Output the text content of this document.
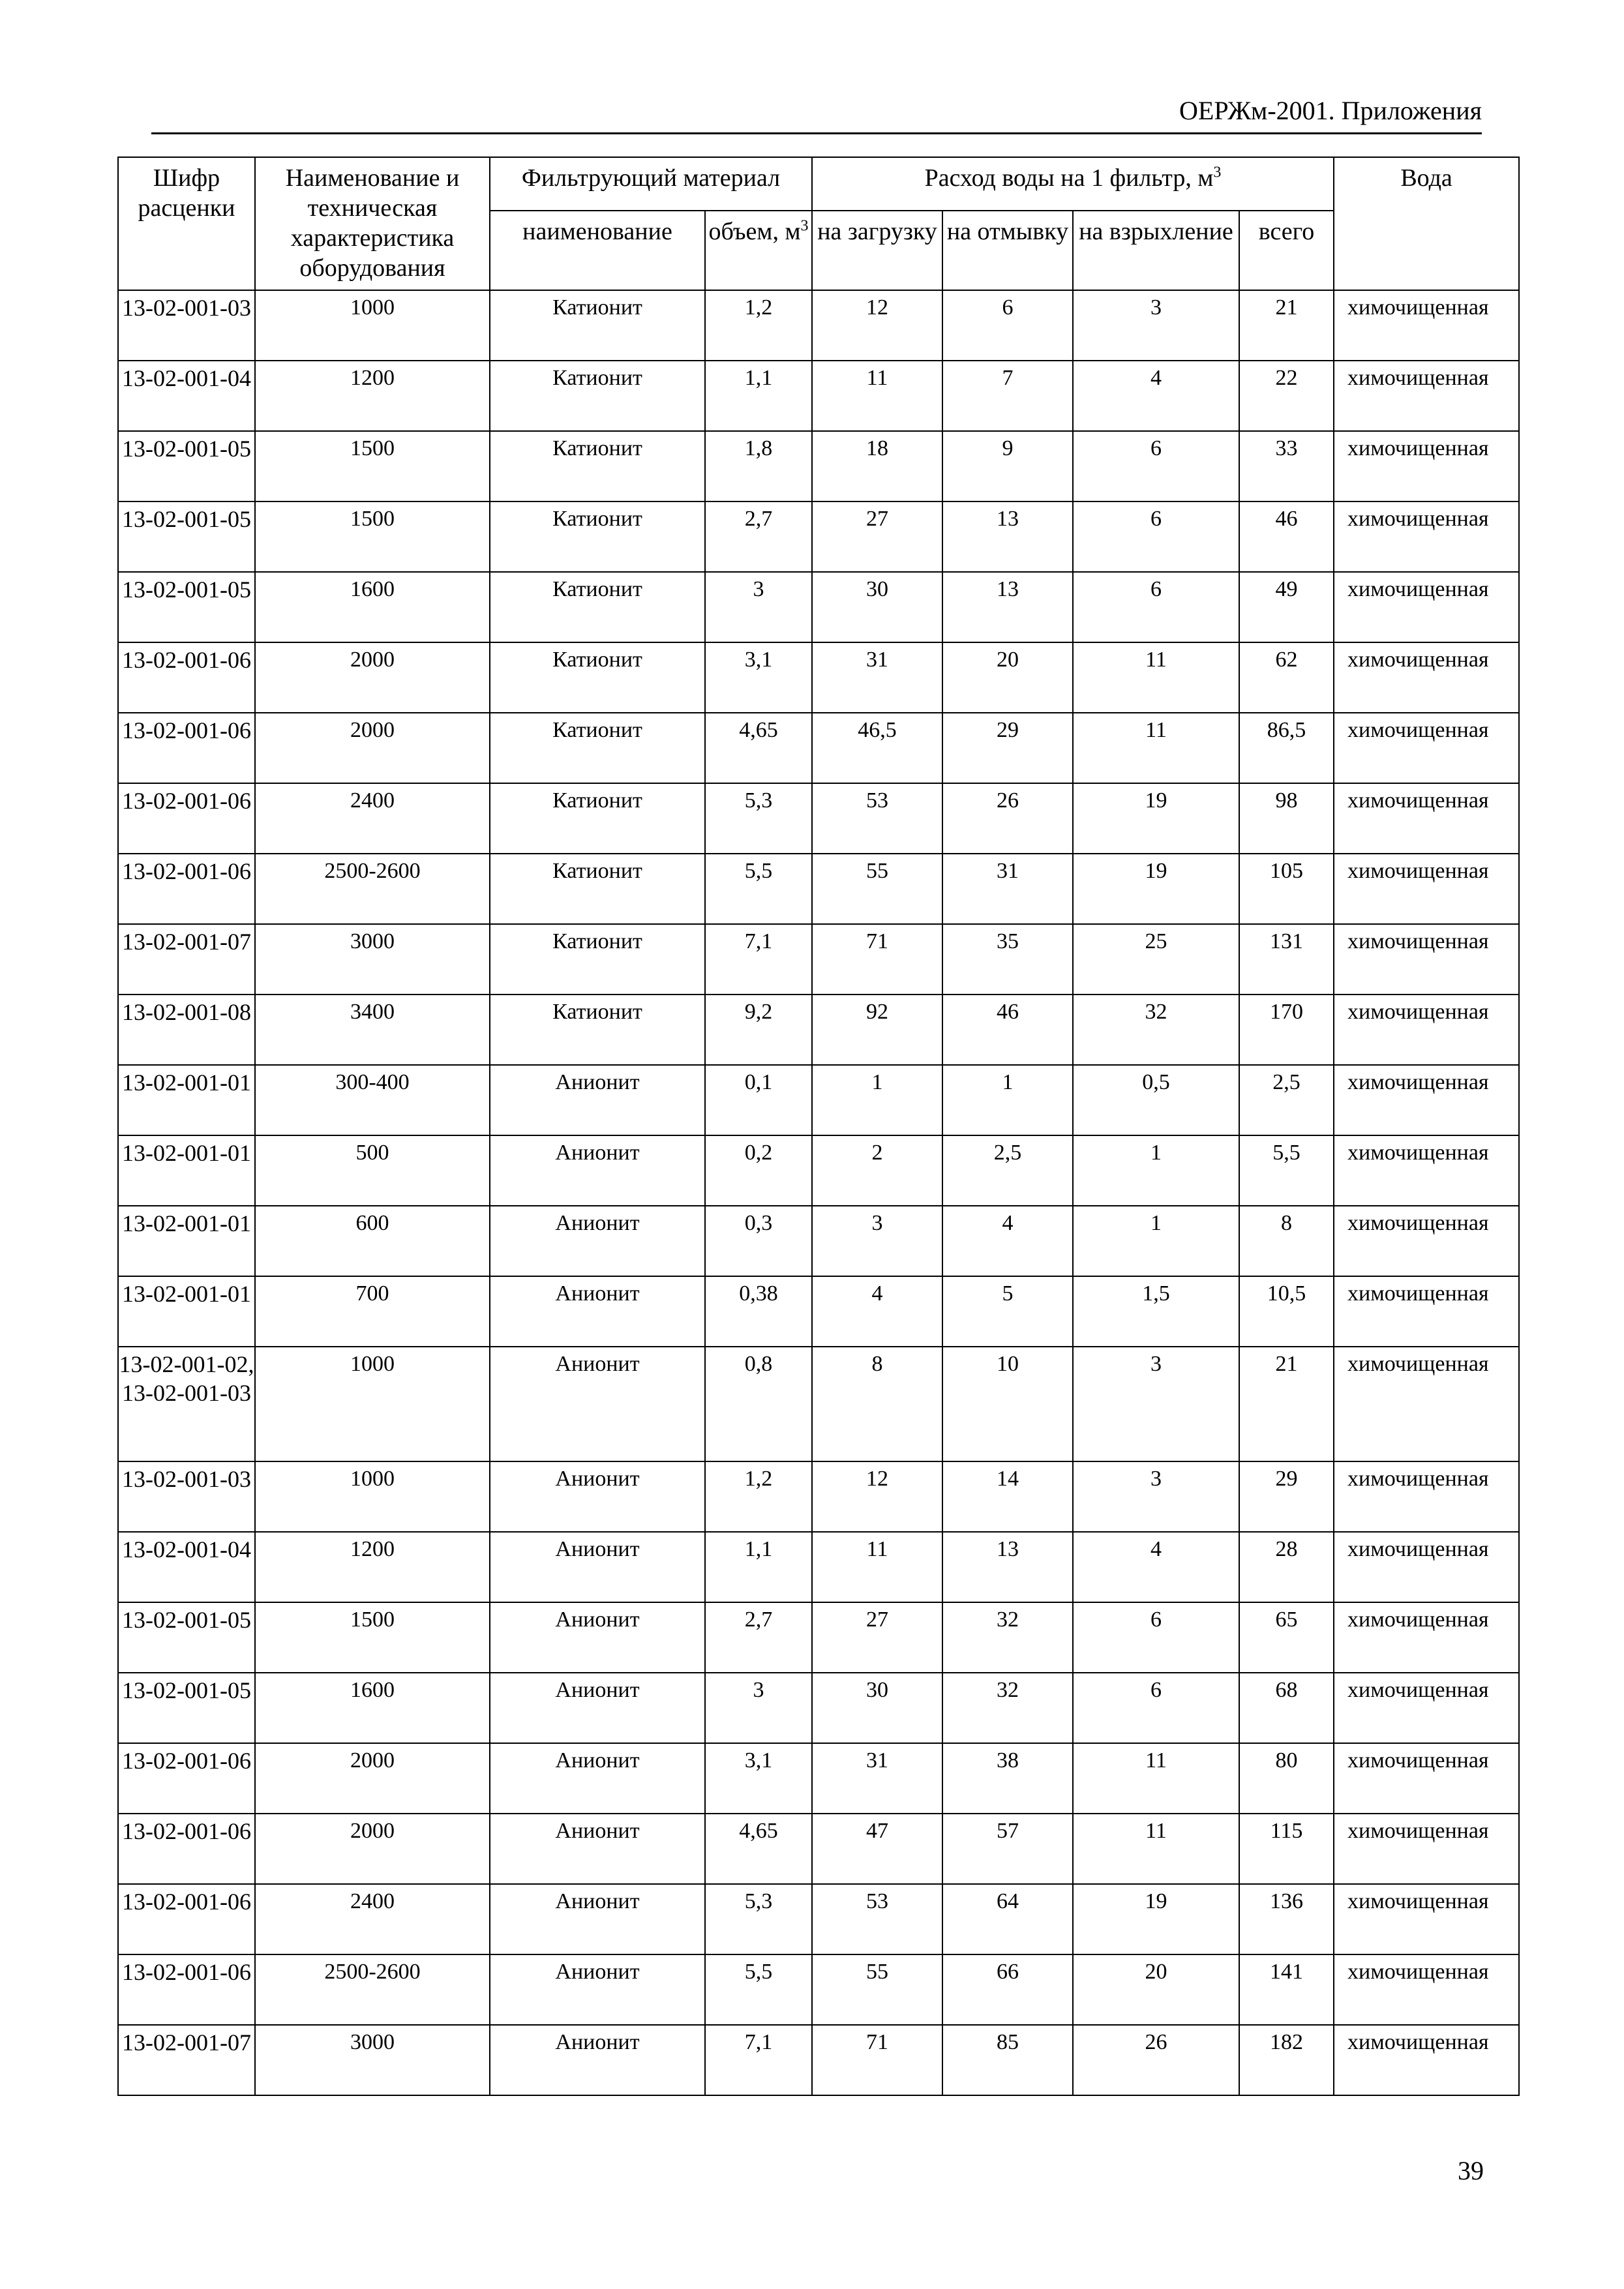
ОЕРЖм-2001. Приложения
Шифр расценки	Наименование и техническая характеристика оборудования	Фильтрующий материал		Расход воды на 1 фильтр, $м^3$				Вода
		наименование	объем, $м^3$	на загрузку	на отмывку	на взрыхление	всего	
13-02-001-03	1000	Катионит	1,2	12	6	3	21	химочищенная
13-02-001-04	1200	Катионит	1,1	11	7	4	22	химочищенная
13-02-001-05	1500	Катионит	1,8	18	9	6	33	химочищенная
13-02-001-05	1500	Катионит	2,7	27	13	6	46	химочищенная
13-02-001-05	1600	Катионит	3	30	13	6	49	химочищенная
13-02-001-06	2000	Катионит	3,1	31	20	11	62	химочищенная
13-02-001-06	2000	Катионит	4,65	46,5	29	11	86,5	химочищенная
13-02-001-06	2400	Катионит	5,3	53	26	19	98	химочищенная
13-02-001-06	2500-2600	Катионит	5,5	55	31	19	105	химочищенная
13-02-001-07	3000	Катионит	7,1	71	35	25	131	химочищенная
13-02-001-08	3400	Катионит	9,2	92	46	32	170	химочищенная
13-02-001-01	300-400	Анионит	0,1	1	1	0,5	2,5	химочищенная
13-02-001-01	500	Анионит	0,2	2	2,5	1	5,5	химочищенная
13-02-001-01	600	Анионит	0,3	3	4	1	8	химочищенная
13-02-001-01	700	Анионит	0,38	4	5	1,5	10,5	химочищенная
13-02-001-02, 13-02-001-03	1000	Анионит	0,8	8	10	3	21	химочищенная
13-02-001-03	1000	Анионит	1,2	12	14	3	29	химочищенная
13-02-001-04	1200	Анионит	1,1	11	13	4	28	химочищенная
13-02-001-05	1500	Анионит	2,7	27	32	6	65	химочищенная
13-02-001-05	1600	Анионит	3	30	32	6	68	химочищенная
13-02-001-06	2000	Анионит	3,1	31	38	11	80	химочищенная
13-02-001-06	2000	Анионит	4,65	47	57	11	115	химочищенная
13-02-001-06	2400	Анионит	5,3	53	64	19	136	химочищенная
13-02-001-06	2500-2600	Анионит	5,5	55	66	20	141	химочищенная
13-02-001-07	3000	Анионит	7,1	71	85	26	182	химочищенная
39
